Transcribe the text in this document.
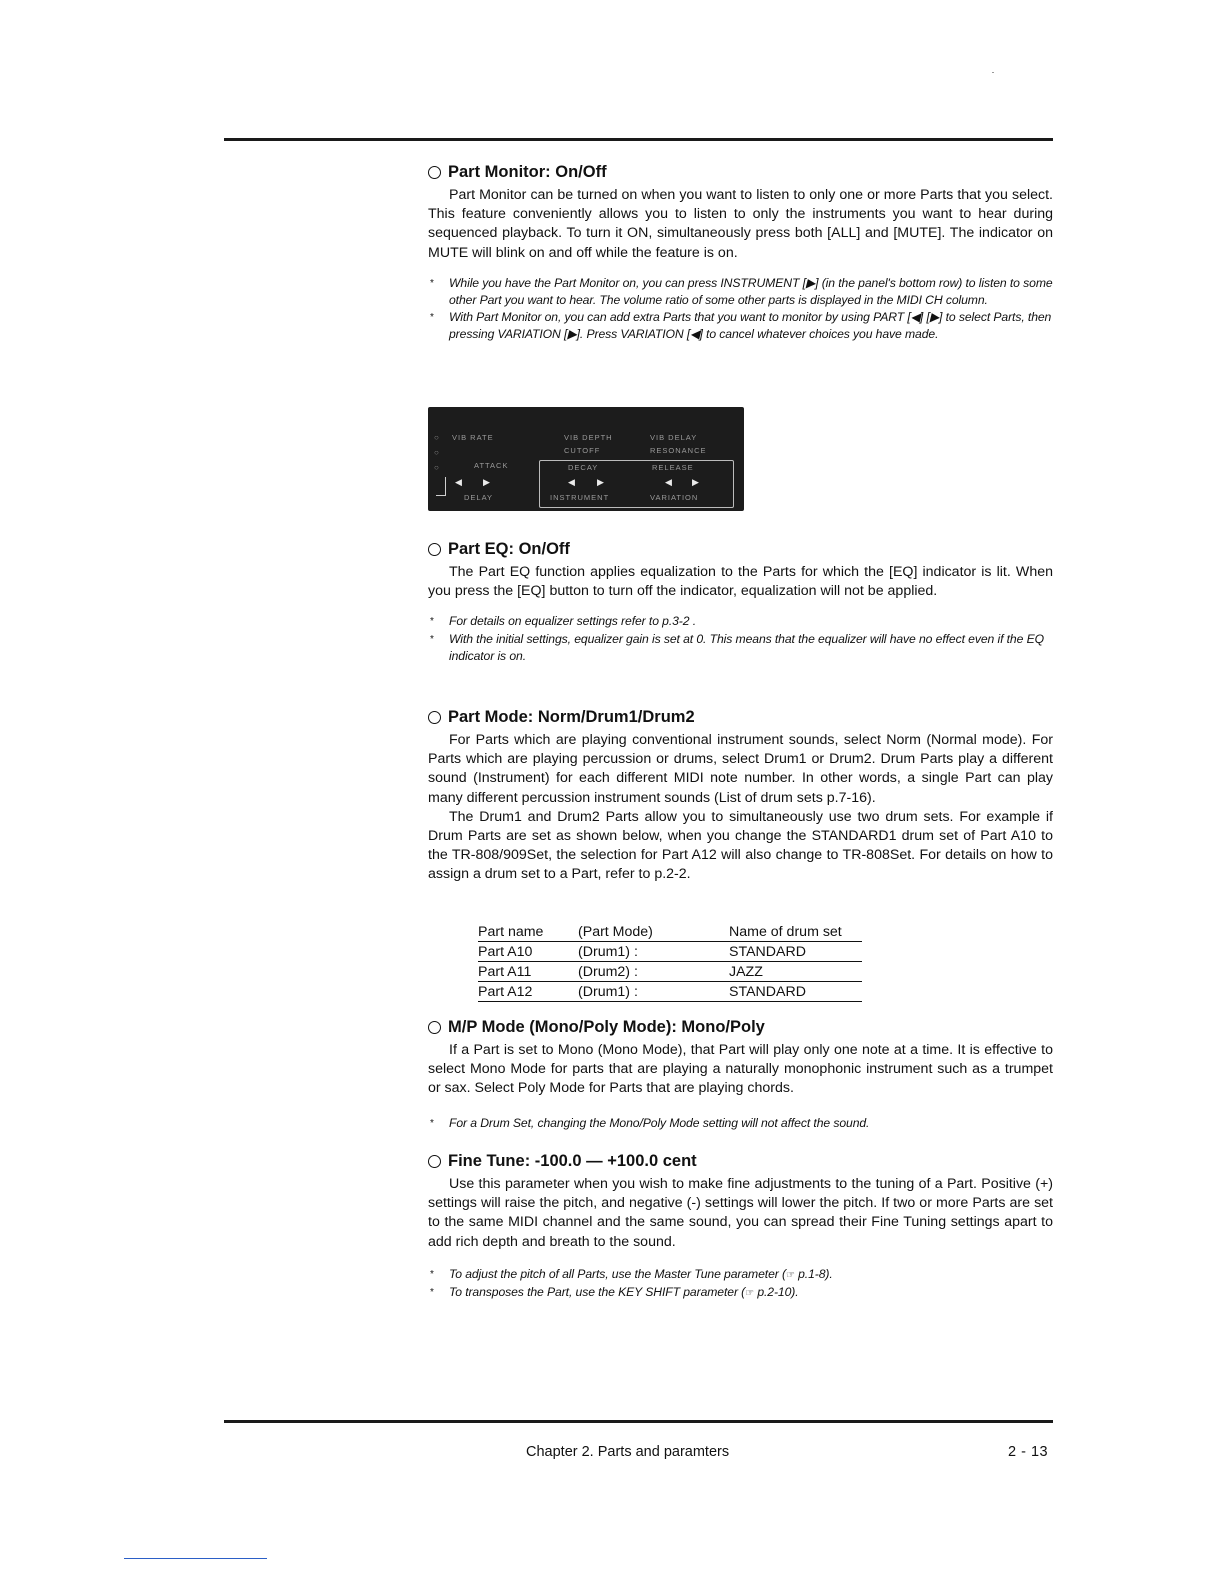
Part Monitor: On/Off

Part Monitor can be turned on when you want to listen to only one or more Parts that you select. This feature conveniently allows you to listen to only the instruments you want to hear during sequenced playback. To turn it ON, simultaneously press both [ALL] and [MUTE]. The indicator on MUTE will blink on and off while the feature is on.

* While you have the Part Monitor on, you can press INSTRUMENT [▶] (in the panel's bottom row) to listen to some other Part you want to hear. The volume ratio of some other parts is displayed in the MIDI CH column.
* With Part Monitor on, you can add extra Parts that you want to monitor by using PART [◀] [▶] to select Parts, then pressing VARIATION [▶]. Press VARIATION [◀] to cancel whatever choices you have made.
○
○
○
VIB RATE	VIB DEPTH	VIB DELAY
CUTOFF	RESONANCE
ATTACK	DECAY	RELEASE
DELAY	INSTRUMENT	VARIATION
◀ ▶	◀ ▶	◀ ▶
Part EQ: On/Off

The Part EQ function applies equalization to the Parts for which the [EQ] indicator is lit. When you press the [EQ] button to turn off the indicator, equalization will not be applied.

* For details on equalizer settings refer to p.3-2 .
* With the initial settings, equalizer gain is set at 0. This means that the equalizer will have no effect even if the EQ indicator is on.
Part Mode: Norm/Drum1/Drum2

For Parts which are playing conventional instrument sounds, select Norm (Normal mode). For Parts which are playing percussion or drums, select Drum1 or Drum2. Drum Parts play a different sound (Instrument) for each different MIDI note number. In other words, a single Part can play many different percussion instrument sounds (List of drum sets p.7-16).

The Drum1 and Drum2 Parts allow you to simultaneously use two drum sets. For example if Drum Parts are set as shown below, when you change the STANDARD1 drum set of Part A10 to the TR-808/909Set, the selection for Part A12 will also change to TR-808Set. For details on how to assign a drum set to a Part, refer to p.2-2.

Part name	(Part Mode)	Name of drum set
Part A10	(Drum1) :	STANDARD
Part A11	(Drum2) :	JAZZ
Part A12	(Drum1) :	STANDARD
M/P Mode (Mono/Poly Mode): Mono/Poly

If a Part is set to Mono (Mono Mode), that Part will play only one note at a time. It is effective to select Mono Mode for parts that are playing a naturally monophonic instrument such as a trumpet or sax. Select Poly Mode for Parts that are playing chords.

* For a Drum Set, changing the Mono/Poly Mode setting will not affect the sound.
Fine Tune: -100.0 — +100.0 cent

Use this parameter when you wish to make fine adjustments to the tuning of a Part. Positive (+) settings will raise the pitch, and negative (-) settings will lower the pitch. If two or more Parts are set to the same MIDI channel and the same sound, you can spread their Fine Tuning settings apart to add rich depth and breath to the sound.

* To adjust the pitch of all Parts, use the Master Tune parameter (☞ p.1-8).
* To transposes the Part, use the KEY SHIFT parameter (☞ p.2-10).
Chapter 2. Parts and paramters	2 - 13
